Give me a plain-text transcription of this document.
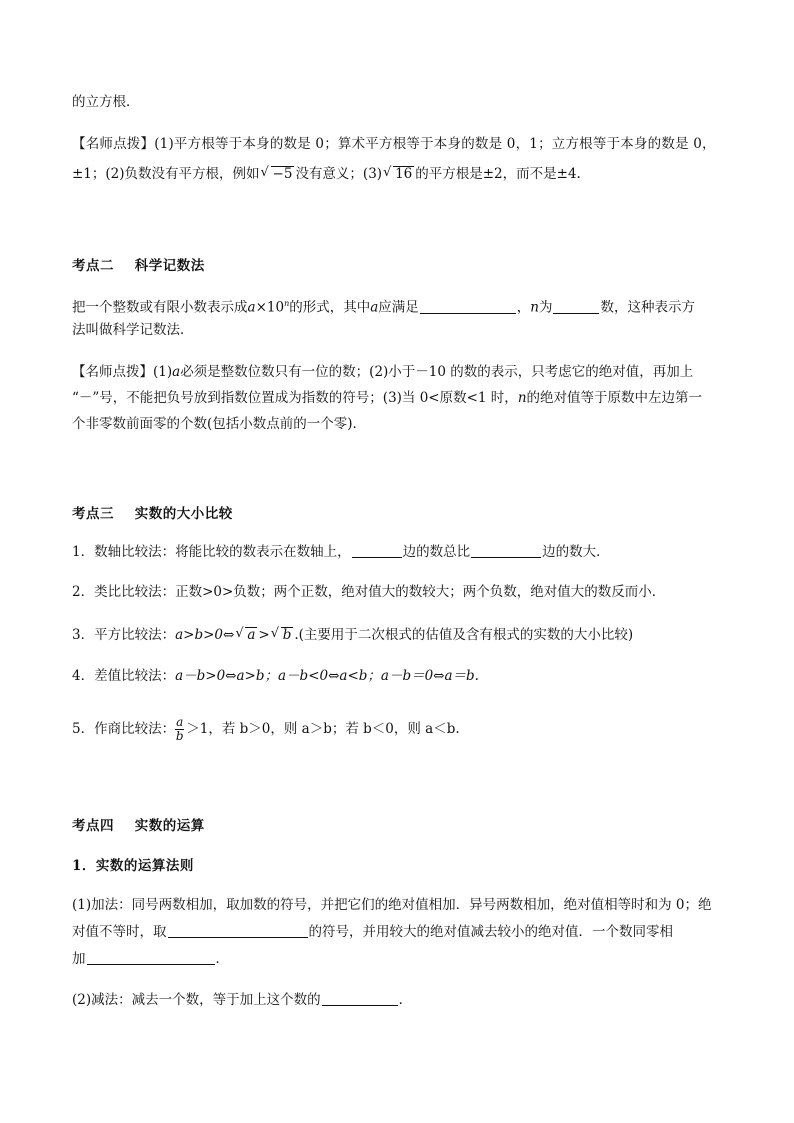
的立方根．
【名师点拨】(1)平方根等于本身的数是 0；算术平方根等于本身的数是 0，1；立方根等于本身的数是 0，
±1；(2)负数没有平方根，例如 √ −5 没有意义；(3) √ 16 的平方根是±2，而不是±4.
考点二    科学记数法
把一个整数或有限小数表示成$a\times 10^n$的形式，其中a应满足	，n为	数，这种表示方
法叫做科学记数法．
【名师点拨】(1)a必须是整数位数只有一位的数；(2)小于－10 的数的表示，只考虑它的绝对值，再加上
“－”号，不能把负号放到指数位置成为指数的符号；(3)当 0<原数<1 时，n的绝对值等于原数中左边第一
个非零数前面零的个数(包括小数点前的一个零)．
考点三    实数的大小比较
1．数轴比较法：将能比较的数表示在数轴上，	边的数总比	边的数大．
2．类比比较法：正数>0>负数；两个正数，绝对值大的数较大；两个负数，绝对值大的数反而小．
3．平方比较法：a>b>0⇔ √ a > √ b .(主要用于二次根式的估值及含有根式的实数的大小比较)
4．差值比较法：a－b>0⇔a>b；a－b<0⇔a<b；a－b＝0⇔a＝b.
5．作商比较法： $\frac{a}{b} >1$，若 b＞0，则 a＞b；若 b＜0，则 a＜b.
考点四    实数的运算
1．实数的运算法则
(1)加法：同号两数相加，取加数的符号，并把它们的绝对值相加．异号两数相加，绝对值相等时和为 0；绝
对值不等时，取	的符号，并用较大的绝对值减去较小的绝对值．一个数同零相
加	．
(2)减法：减去一个数，等于加上这个数的	．
